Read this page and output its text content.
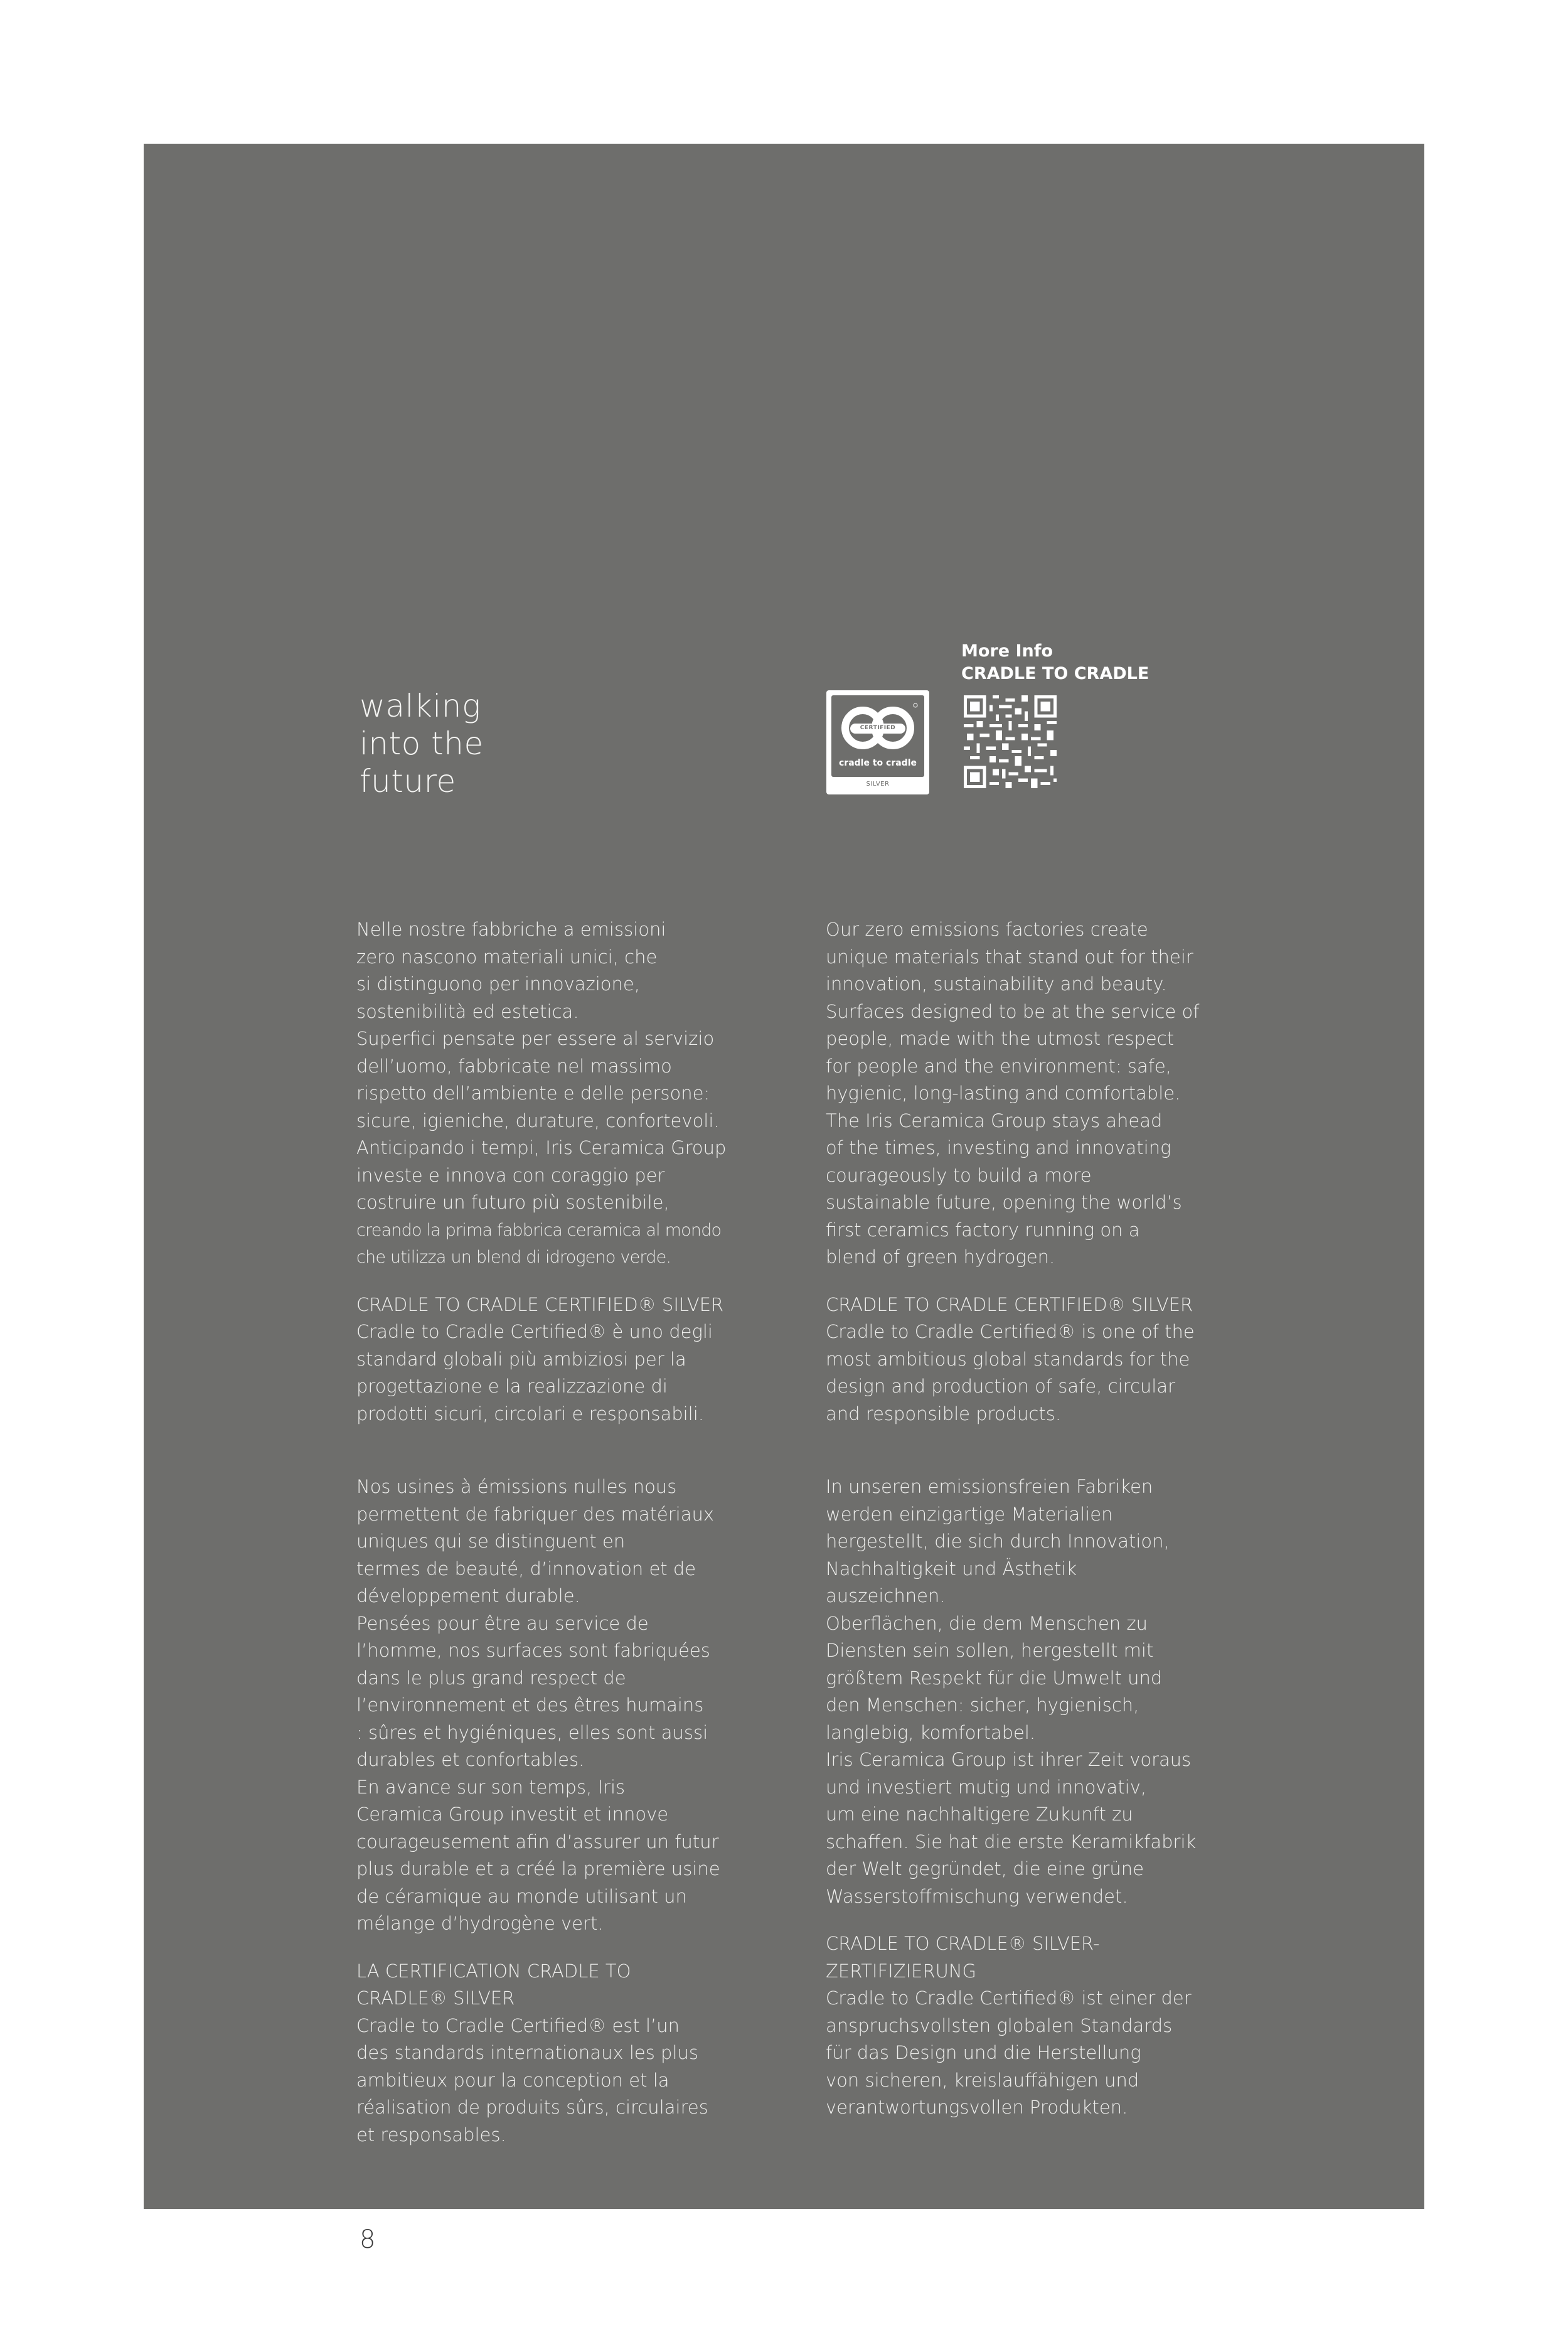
walking
into the
future
CERTIFIED
cradle to cradle
SILVER
More Info
CRADLE TO CRADLE

Nelle nostre fabbriche a emissioni
zero nascono materiali unici, che
si distinguono per innovazione,
sostenibilità ed estetica.
Superfici pensate per essere al servizio
dell’uomo, fabbricate nel massimo
rispetto dell’ambiente e delle persone:
sicure, igieniche, durature, confortevoli.
Anticipando i tempi, Iris Ceramica Group
investe e innova con coraggio per
costruire un futuro più sostenibile,

creando la prima fabbrica ceramica al mondo
che utilizza un blend di idrogeno verde.

CRADLE TO CRADLE CERTIFIED® SILVER
Cradle to Cradle Certified® è uno degli
standard globali più ambiziosi per la
progettazione e la realizzazione di
prodotti sicuri, circolari e responsabili.

Our zero emissions factories create
unique materials that stand out for their
innovation, sustainability and beauty.
Surfaces designed to be at the service of
people, made with the utmost respect
for people and the environment: safe,
hygienic, long-lasting and comfortable.
The Iris Ceramica Group stays ahead
of the times, investing and innovating
courageously to build a more
sustainable future, opening the world’s
first ceramics factory running on a
blend of green hydrogen.

CRADLE TO CRADLE CERTIFIED® SILVER
Cradle to Cradle Certified® is one of the
most ambitious global standards for the
design and production of safe, circular
and responsible products.

Nos usines à émissions nulles nous
permettent de fabriquer des matériaux
uniques qui se distinguent en
termes de beauté, d’innovation et de
développement durable.
Pensées pour être au service de
l’homme, nos surfaces sont fabriquées
dans le plus grand respect de
l’environnement et des êtres humains
: sûres et hygiéniques, elles sont aussi
durables et confortables.
En avance sur son temps, Iris
Ceramica Group investit et innove
courageusement afin d’assurer un futur
plus durable et a créé la première usine
de céramique au monde utilisant un
mélange d’hydrogène vert.

LA CERTIFICATION CRADLE TO
CRADLE® SILVER
Cradle to Cradle Certified® est l’un
des standards internationaux les plus
ambitieux pour la conception et la
réalisation de produits sûrs, circulaires
et responsables.

In unseren emissionsfreien Fabriken
werden einzigartige Materialien
hergestellt, die sich durch Innovation,
Nachhaltigkeit und Ästhetik
auszeichnen.
Oberflächen, die dem Menschen zu
Diensten sein sollen, hergestellt mit
größtem Respekt für die Umwelt und
den Menschen: sicher, hygienisch,
langlebig, komfortabel.
Iris Ceramica Group ist ihrer Zeit voraus
und investiert mutig und innovativ,
um eine nachhaltigere Zukunft zu
schaffen. Sie hat die erste Keramikfabrik
der Welt gegründet, die eine grüne
Wasserstoffmischung verwendet.

CRADLE TO CRADLE® SILVER-
ZERTIFIZIERUNG
Cradle to Cradle Certified® ist einer der
anspruchsvollsten globalen Standards
für das Design und die Herstellung
von sicheren, kreislauffähigen und
verantwortungsvollen Produkten.

8
